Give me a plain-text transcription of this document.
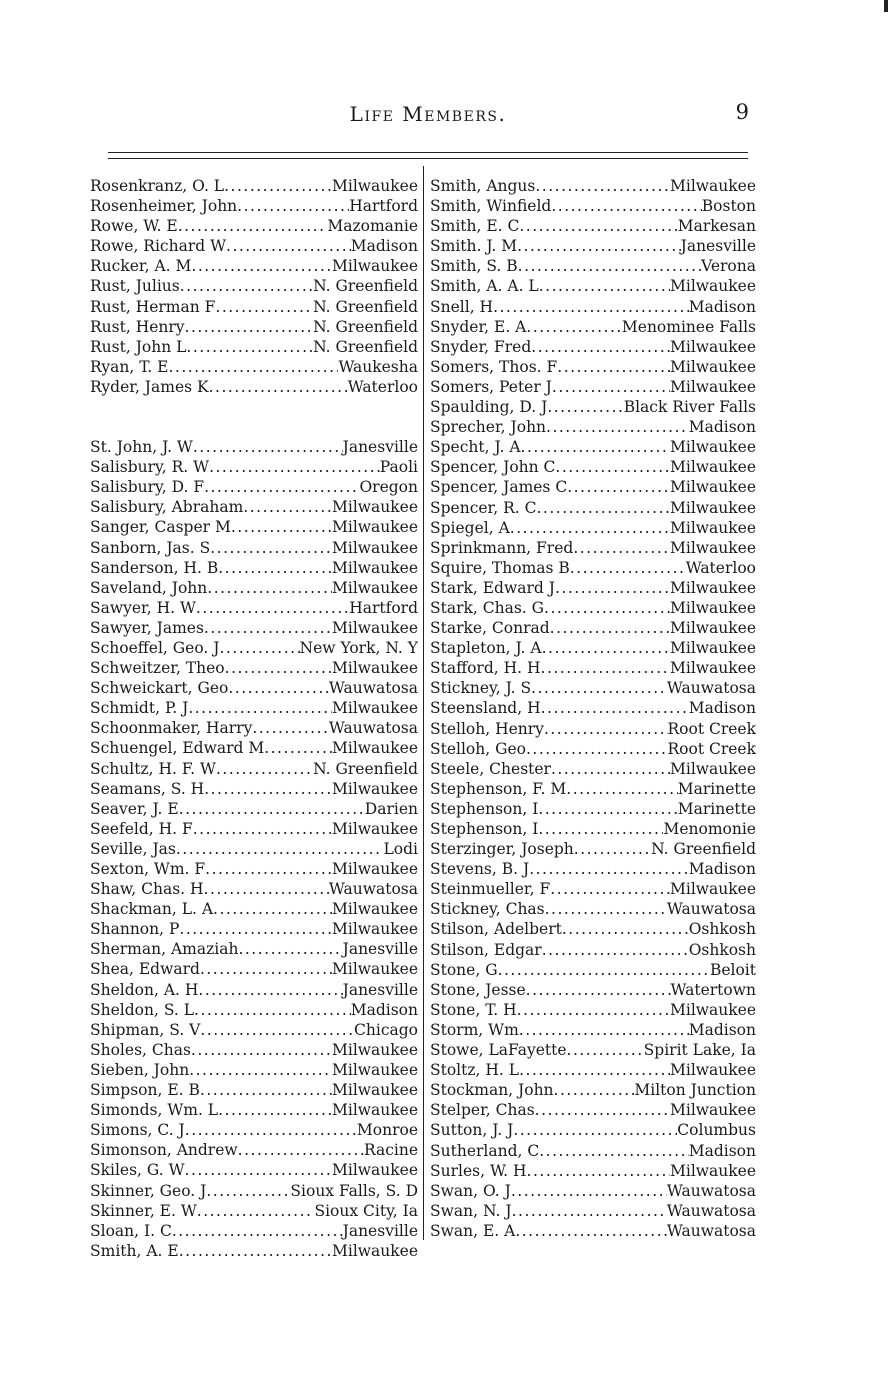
Life Members.	9
Rosenkranz, O. L .....	Milwaukee
Rosenheimer, John .....	Hartford
Rowe, W. E .....	Mazomanie
Rowe, Richard W .....	Madison
Rucker, A. M .....	Milwaukee
Rust, Julius .....	N. Greenfield
Rust, Herman F .....	N. Greenfield
Rust, Henry .....	N. Greenfield
Rust, John L .....	N. Greenfield
Ryan, T. E .....	Waukesha
Ryder, James K .....	Waterloo
St. John, J. W .....	Janesville
Salisbury, R. W .....	Paoli
Salisbury, D. F .....	Oregon
Salisbury, Abraham .....	Milwaukee
Sanger, Casper M .....	Milwaukee
Sanborn, Jas. S .....	Milwaukee
Sanderson, H. B .....	Milwaukee
Saveland, John .....	Milwaukee
Sawyer, H. W .....	Hartford
Sawyer, James .....	Milwaukee
Schoeffel, Geo. J .....	New York, N. Y
Schweitzer, Theo .....	Milwaukee
Schweickart, Geo .....	Wauwatosa
Schmidt, P. J .....	Milwaukee
Schoonmaker, Harry .....	Wauwatosa
Schuengel, Edward M .....	Milwaukee
Schultz, H. F. W .....	N. Greenfield
Seamans, S. H .....	Milwaukee
Seaver, J. E .....	Darien
Seefeld, H. F .....	Milwaukee
Seville, Jas .....	Lodi
Sexton, Wm. F .....	Milwaukee
Shaw, Chas. H .....	Wauwatosa
Shackman, L. A .....	Milwaukee
Shannon, P .....	Milwaukee
Sherman, Amaziah .....	Janesville
Shea, Edward .....	Milwaukee
Sheldon, A. H .....	Janesville
Sheldon, S. L .....	Madison
Shipman, S. V .....	Chicago
Sholes, Chas .....	Milwaukee
Sieben, John .....	Milwaukee
Simpson, E. B .....	Milwaukee
Simonds, Wm. L .....	Milwaukee
Simons, C. J .....	Monroe
Simonson, Andrew .....	Racine
Skiles, G. W .....	Milwaukee
Skinner, Geo. J .....	Sioux Falls, S. D
Skinner, E. W .....	Sioux City, Ia
Sloan, I. C .....	Janesville
Smith, A. E .....	Milwaukee
Smith, Angus .....	Milwaukee
Smith, Winfield .....	Boston
Smith, E. C .....	Markesan
Smith. J. M .....	Janesville
Smith, S. B .....	Verona
Smith, A. A. L .....	Milwaukee
Snell, H .....	Madison
Snyder, E. A .....	Menominee Falls
Snyder, Fred .....	Milwaukee
Somers, Thos. F .....	Milwaukee
Somers, Peter J .....	Milwaukee
Spaulding, D. J .....	Black River Falls
Sprecher, John .....	Madison
Specht, J. A .....	Milwaukee
Spencer, John C .....	Milwaukee
Spencer, James C .....	Milwaukee
Spencer, R. C .....	Milwaukee
Spiegel, A .....	Milwaukee
Sprinkmann, Fred .....	Milwaukee
Squire, Thomas B .....	Waterloo
Stark, Edward J .....	Milwaukee
Stark, Chas. G .....	Milwaukee
Starke, Conrad .....	Milwaukee
Stapleton, J. A .....	Milwaukee
Stafford, H. H .....	Milwaukee
Stickney, J. S .....	Wauwatosa
Steensland, H .....	Madison
Stelloh, Henry .....	Root Creek
Stelloh, Geo .....	Root Creek
Steele, Chester .....	Milwaukee
Stephenson, F. M .....	Marinette
Stephenson, I .....	Marinette
Stephenson, I .....	Menomonie
Sterzinger, Joseph .....	N. Greenfield
Stevens, B. J .....	Madison
Steinmueller, F .....	Milwaukee
Stickney, Chas .....	Wauwatosa
Stilson, Adelbert .....	Oshkosh
Stilson, Edgar .....	Oshkosh
Stone, G .....	Beloit
Stone, Jesse .....	Watertown
Stone, T. H .....	Milwaukee
Storm, Wm .....	Madison
Stowe, LaFayette .....	Spirit Lake, Ia
Stoltz, H. L .....	Milwaukee
Stockman, John .....	Milton Junction
Stelper, Chas .....	Milwaukee
Sutton, J. J .....	Columbus
Sutherland, C .....	Madison
Surles, W. H .....	Milwaukee
Swan, O. J .....	Wauwatosa
Swan, N. J .....	Wauwatosa
Swan, E. A .....	Wauwatosa
